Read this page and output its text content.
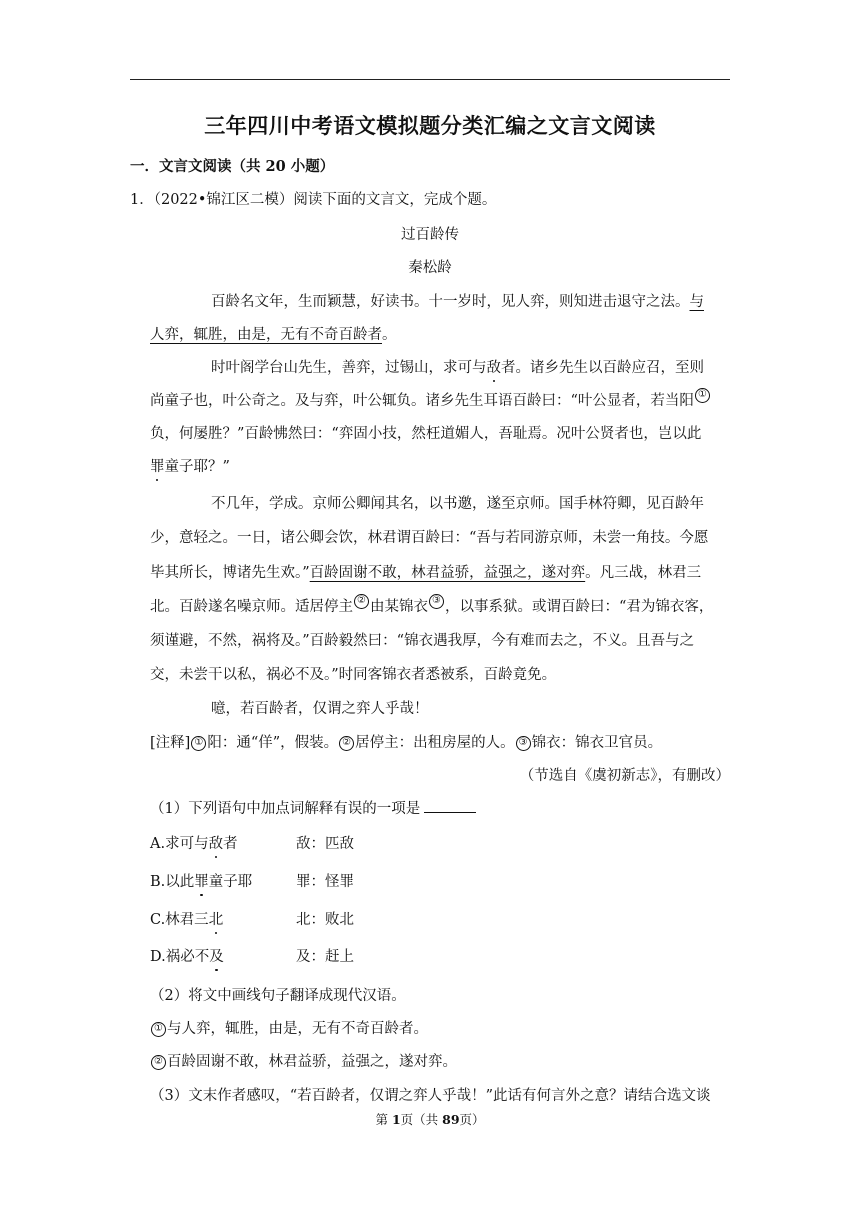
三年四川中考语文模拟题分类汇编之文言文阅读
一．文言文阅读（共 20 小题）
1．（2022•锦江区二模）阅读下面的文言文，完成个题。
过百龄传
秦松龄
百龄名文年，生而颖慧，好读书。十一岁时，见人弈，则知进击退守之法。与
人弈，辄胜，由是，无有不奇百龄者。
时叶阁学台山先生，善弈，过锡山，求可与敌者。诸乡先生以百龄应召，至则
尚童子也，叶公奇之。及与弈，叶公辄负。诸乡先生耳语百龄曰：“叶公显者，若当阳 ①
负，何屡胜？”百龄怫然曰：“弈固小技，然枉道媚人，吾耻焉。况叶公贤者也，岂以此
罪童子耶？”
不几年，学成。京师公卿闻其名，以书邀，遂至京师。国手林符卿，见百龄年
少，意轻之。一日，诸公卿会饮，林君谓百龄曰：“吾与若同游京师，未尝一角技。今愿
毕其所长，博诸先生欢。”百龄固谢不敢，林君益骄，益强之，遂对弈。凡三战，林君三
北。百龄遂名噪京师。适居停主 ② 由某锦衣 ③ ，以事系狱。或谓百龄曰：“君为锦衣客，
须谨避，不然，祸将及。”百龄毅然曰：“锦衣遇我厚，今有难而去之，不义。且吾与之
交，未尝干以私，祸必不及。”时同客锦衣者悉被系，百龄竟免。
噫，若百龄者，仅谓之弈人乎哉！
[注释] ① 阳：通“佯”，假装。 ② 居停主：出租房屋的人。 ③ 锦衣：锦衣卫官员。
（节选自《虞初新志》，有删改）
（1）下列语句中加点词解释有误的一项是
A.求可与敌者	敌：匹敌
B.以此罪童子耶	罪：怪罪
C.林君三北	北：败北
D.祸必不及	及：赶上
（2）将文中画线句子翻译成现代汉语。
① 与人弈，辄胜，由是，无有不奇百龄者。
② 百龄固谢不敢，林君益骄，益强之，遂对弈。
（3）文末作者感叹，“若百龄者，仅谓之弈人乎哉！”此话有何言外之意？请结合选文谈
第 1页（共 89页）
